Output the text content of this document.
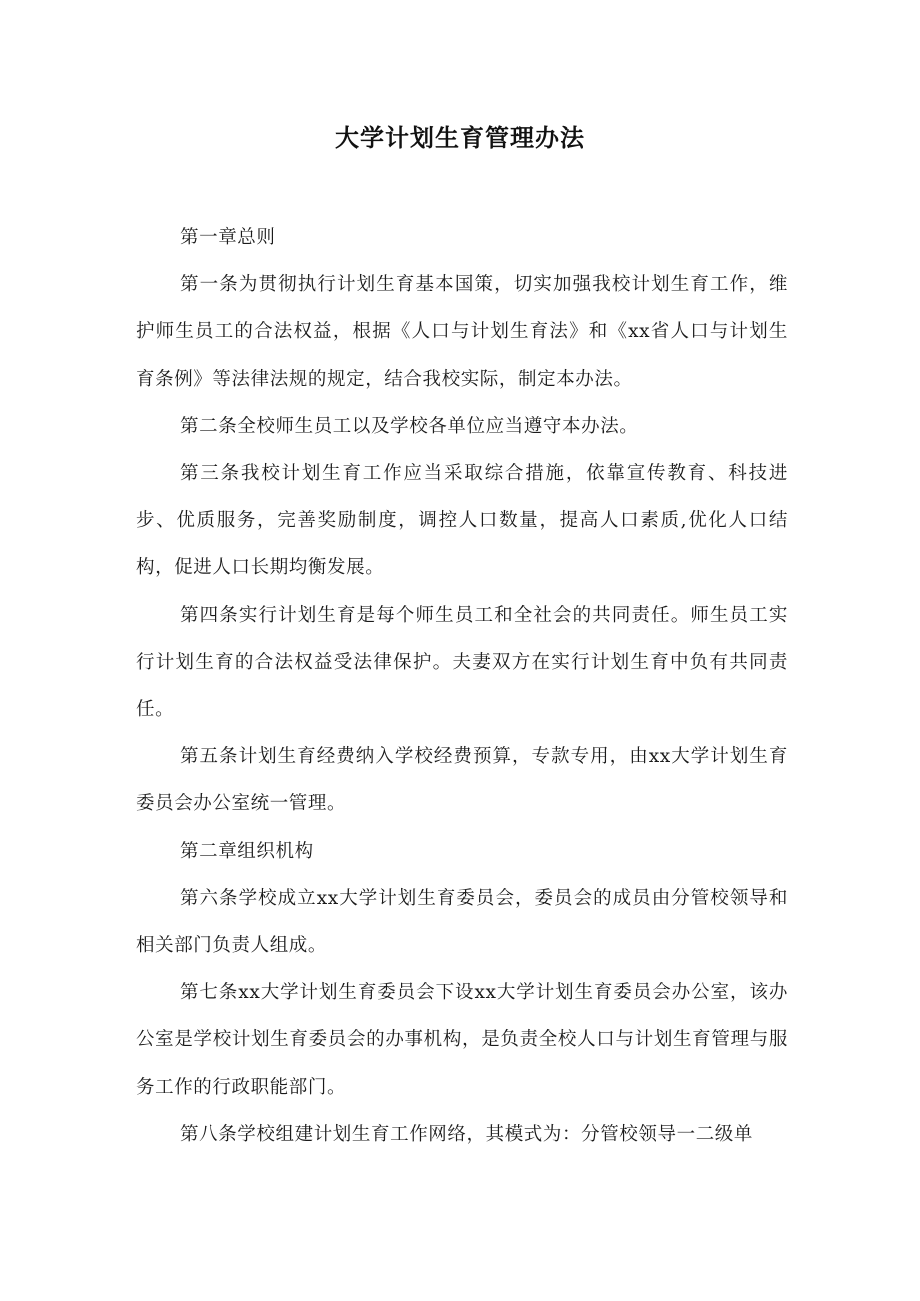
大学计划生育管理办法

第一章总则

第一条为贯彻执行计划生育基本国策，切实加强我校计划生育工作，维护师生员工的合法权益，根据《人口与计划生育法》和《xx省人口与计划生育条例》等法律法规的规定，结合我校实际，制定本办法。

第二条全校师生员工以及学校各单位应当遵守本办法。

第三条我校计划生育工作应当采取综合措施，依靠宣传教育、科技进步、优质服务，完善奖励制度，调控人口数量，提高人口素质,优化人口结构，促进人口长期均衡发展。

第四条实行计划生育是每个师生员工和全社会的共同责任。师生员工实行计划生育的合法权益受法律保护。夫妻双方在实行计划生育中负有共同责任。

第五条计划生育经费纳入学校经费预算，专款专用，由xx大学计划生育委员会办公室统一管理。

第二章组织机构

第六条学校成立xx大学计划生育委员会，委员会的成员由分管校领导和相关部门负责人组成。

第七条xx大学计划生育委员会下设xx大学计划生育委员会办公室，该办公室是学校计划生育委员会的办事机构，是负责全校人口与计划生育管理与服务工作的行政职能部门。

第八条学校组建计划生育工作网络，其模式为：分管校领导一二级单
